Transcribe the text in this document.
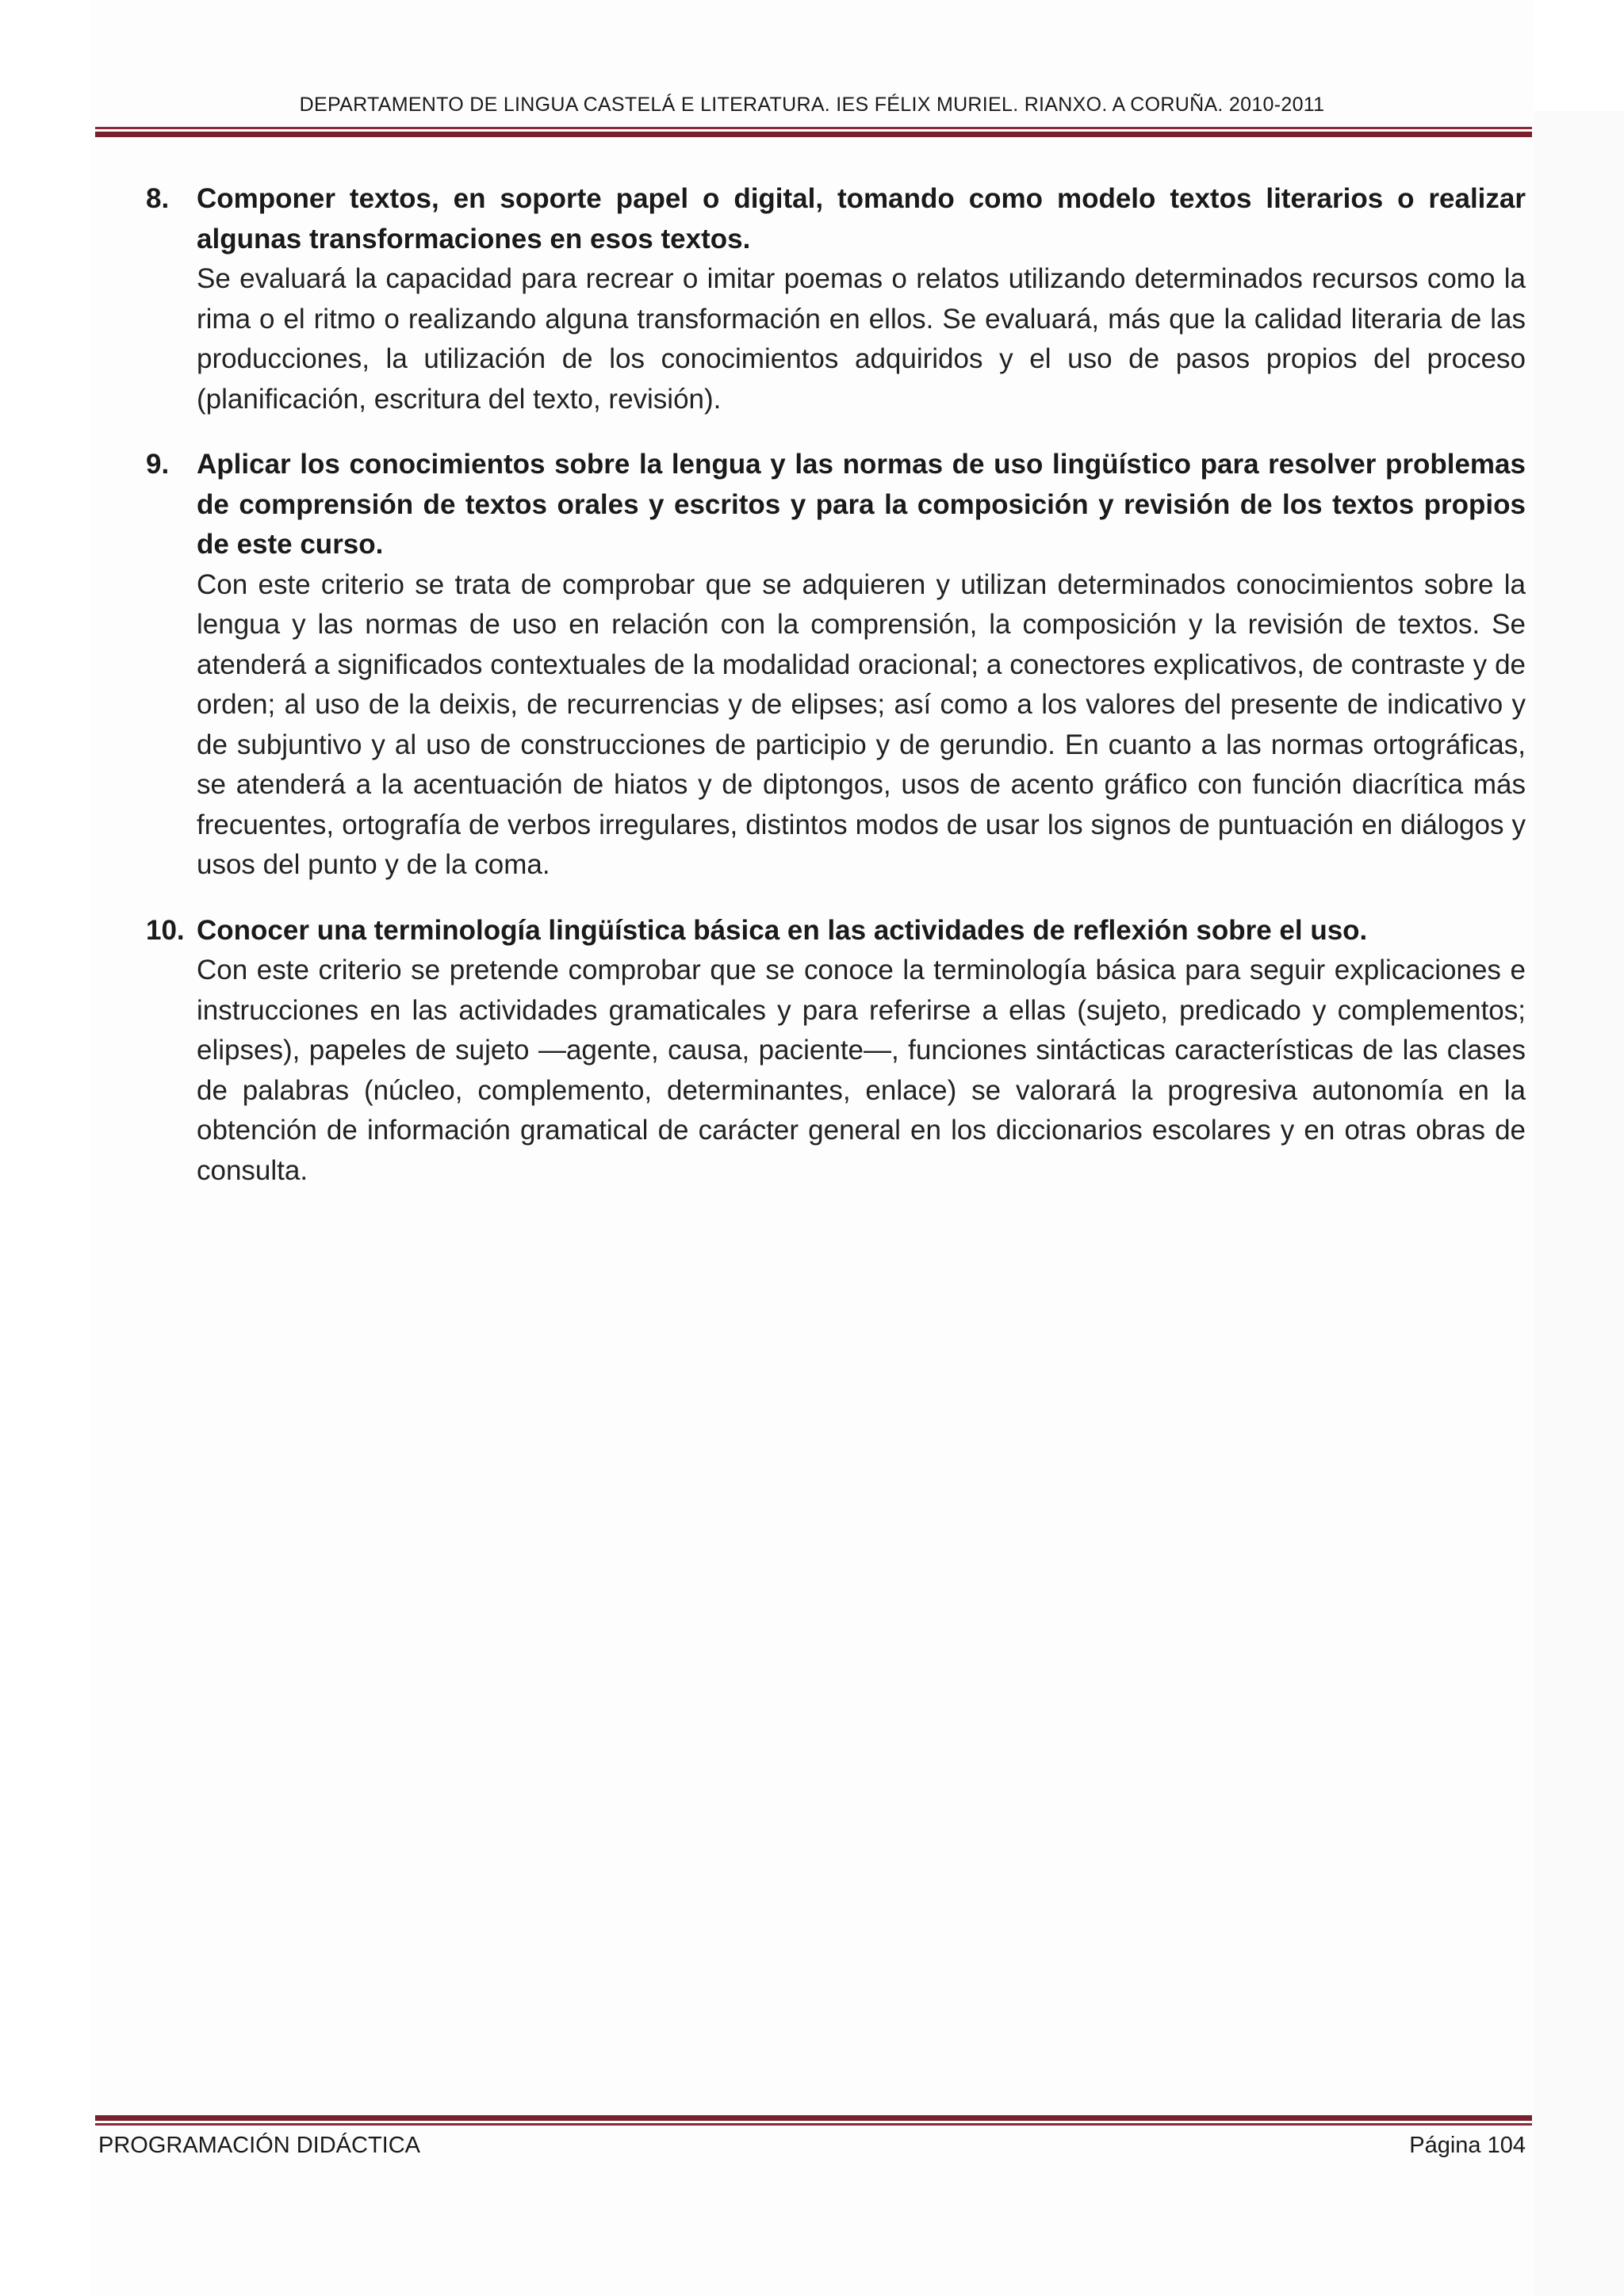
DEPARTAMENTO DE LINGUA CASTELÁ E LITERATURA. IES FÉLIX MURIEL. RIANXO. A CORUÑA. 2010-2011
8. Componer textos, en soporte papel o digital, tomando como modelo textos literarios o realizar algunas transformaciones en esos textos.

Se evaluará la capacidad para recrear o imitar poemas o relatos utilizando determinados recursos como la rima o el ritmo o realizando alguna transformación en ellos. Se evaluará, más que la calidad literaria de las producciones, la utilización de los conocimientos adquiridos y el uso de pasos propios del proceso (planificación, escritura del texto, revisión).

9. Aplicar los conocimientos sobre la lengua y las normas de uso lingüístico para resolver problemas de comprensión de textos orales y escritos y para la composición y revisión de los textos propios de este curso.

Con este criterio se trata de comprobar que se adquieren y utilizan determinados conocimientos sobre la lengua y las normas de uso en relación con la comprensión, la composición y la revisión de textos. Se atenderá a significados contextuales de la modalidad oracional; a conectores explicativos, de contraste y de orden; al uso de la deixis, de recurrencias y de elipses; así como a los valores del presente de indicativo y de subjuntivo y al uso de construcciones de participio y de gerundio. En cuanto a las normas ortográficas, se atenderá a la acentuación de hiatos y de diptongos, usos de acento gráfico con función diacrítica más frecuentes, ortografía de verbos irregulares, distintos modos de usar los signos de puntuación en diálogos y usos del punto y de la coma.

10. Conocer una terminología lingüística básica en las actividades de reflexión sobre el uso.

Con este criterio se pretende comprobar que se conoce la terminología básica para seguir explicaciones e instrucciones en las actividades gramaticales y para referirse a ellas (sujeto, predicado y complementos; elipses), papeles de sujeto —agente, causa, paciente—, funciones sintácticas características de las clases de palabras (núcleo, complemento, determinantes, enlace) se valorará la progresiva autonomía en la obtención de información gramatical de carácter general en los diccionarios escolares y en otras obras de consulta.

PROGRAMACIÓN DIDÁCTICA	Página 104
